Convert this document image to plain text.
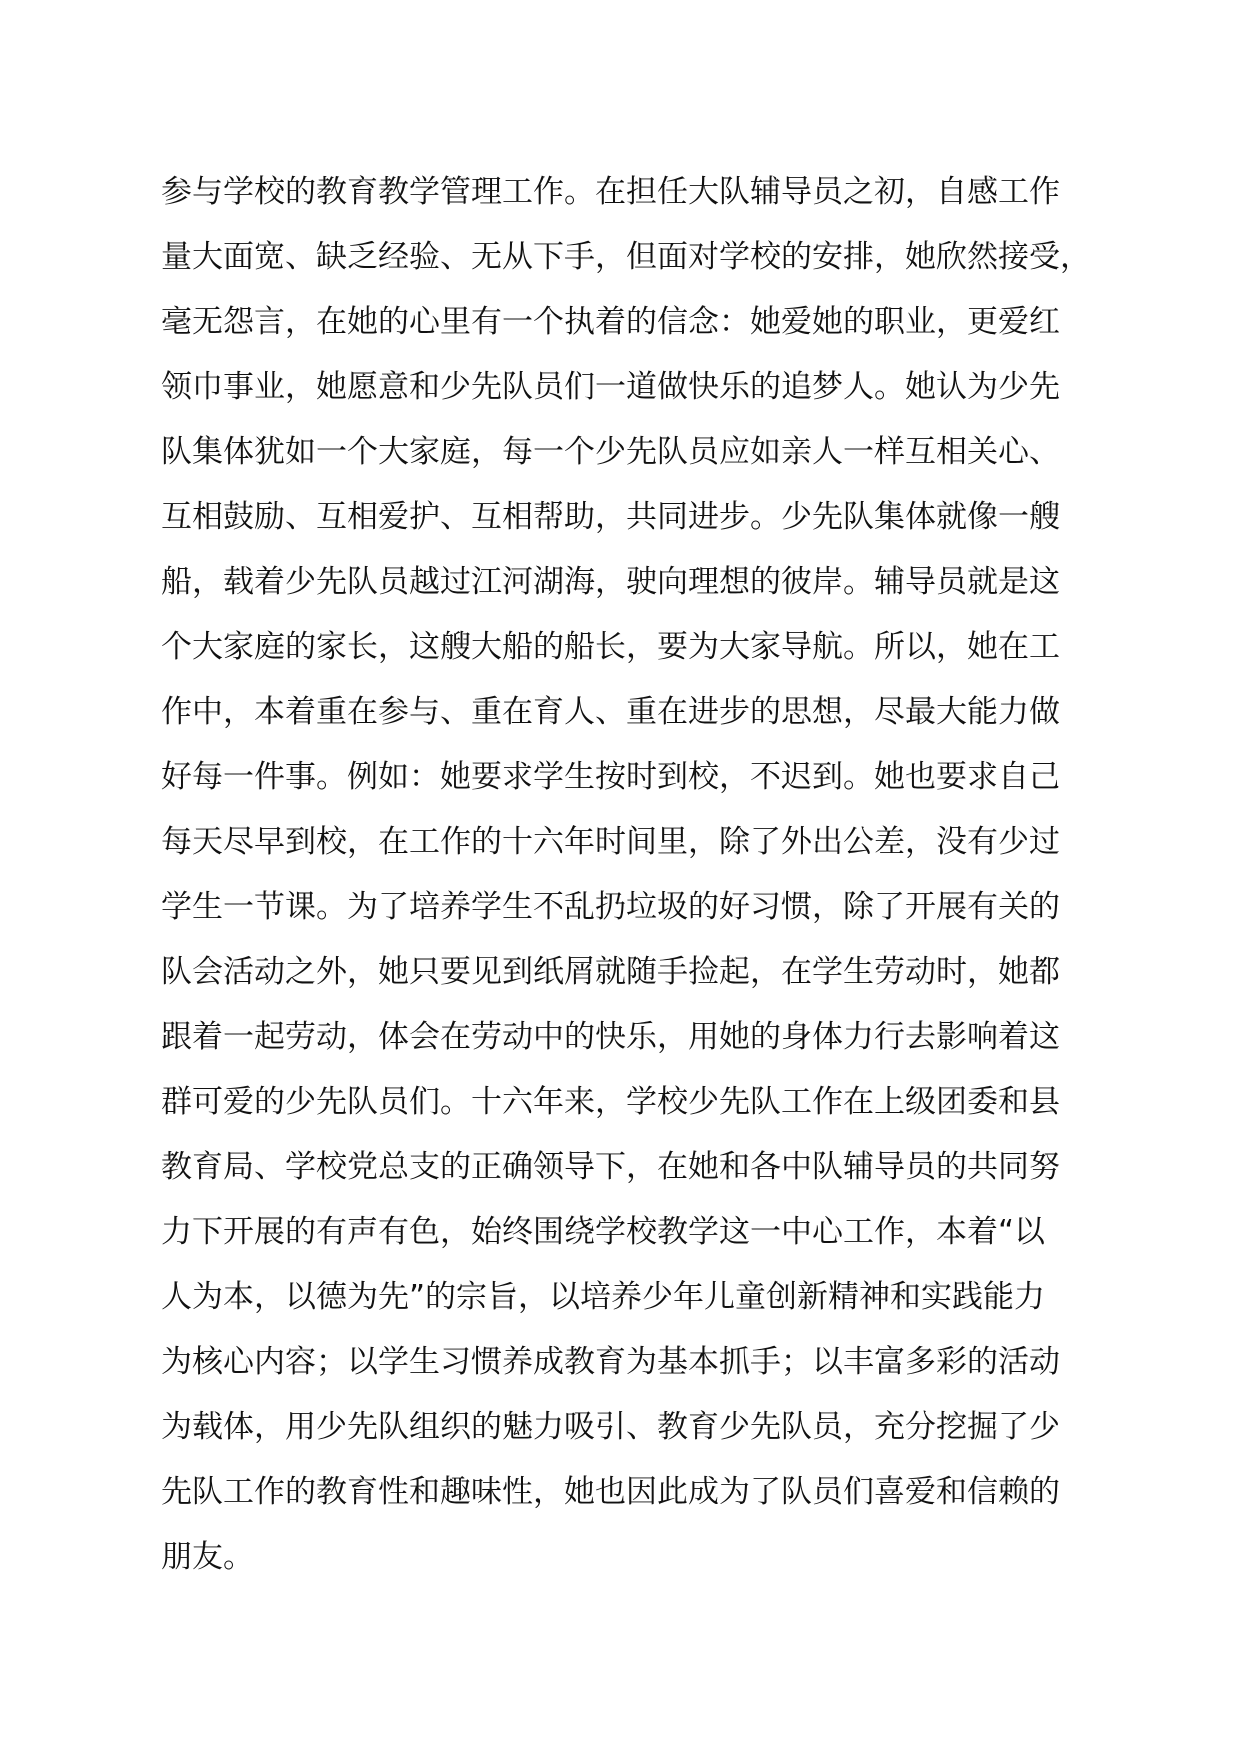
参与学校的教育教学管理工作。在担任大队辅导员之初，自感工作
量大面宽、缺乏经验、无从下手，但面对学校的安排，她欣然接受，
毫无怨言，在她的心里有一个执着的信念：她爱她的职业，更爱红
领巾事业，她愿意和少先队员们一道做快乐的追梦人。她认为少先
队集体犹如一个大家庭，每一个少先队员应如亲人一样互相关心、
互相鼓励、互相爱护、互相帮助，共同进步。少先队集体就像一艘
船，载着少先队员越过江河湖海，驶向理想的彼岸。辅导员就是这
个大家庭的家长，这艘大船的船长，要为大家导航。所以，她在工
作中，本着重在参与、重在育人、重在进步的思想，尽最大能力做
好每一件事。例如：她要求学生按时到校，不迟到。她也要求自己
每天尽早到校，在工作的十六年时间里，除了外出公差，没有少过
学生一节课。为了培养学生不乱扔垃圾的好习惯，除了开展有关的
队会活动之外，她只要见到纸屑就随手捡起，在学生劳动时，她都
跟着一起劳动，体会在劳动中的快乐，用她的身体力行去影响着这
群可爱的少先队员们。十六年来，学校少先队工作在上级团委和县
教育局、学校党总支的正确领导下，在她和各中队辅导员的共同努
力下开展的有声有色，始终围绕学校教学这一中心工作，本着“以
人为本，以德为先”的宗旨，以培养少年儿童创新精神和实践能力
为核心内容；以学生习惯养成教育为基本抓手；以丰富多彩的活动
为载体，用少先队组织的魅力吸引、教育少先队员，充分挖掘了少
先队工作的教育性和趣味性，她也因此成为了队员们喜爱和信赖的
朋友。
